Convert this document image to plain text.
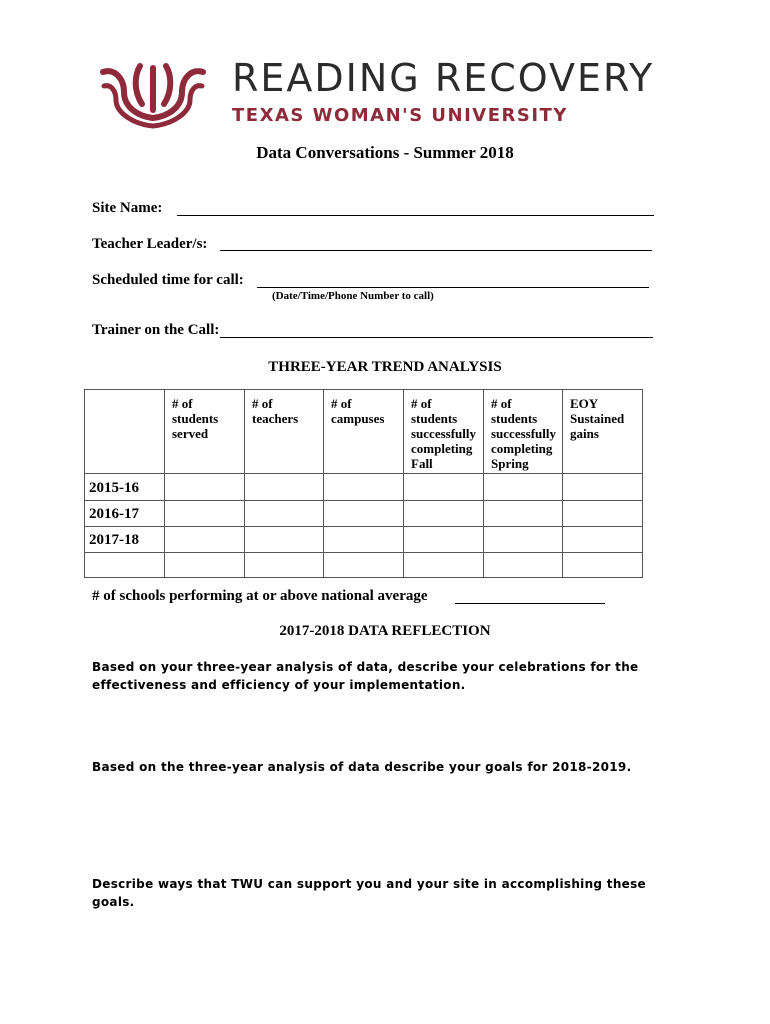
READING RECOVERY
TEXAS WOMAN'S UNIVERSITY
Data Conversations - Summer 2018
Site Name:
Teacher Leader/s:
Scheduled time for call:
(Date/Time/Phone Number to call)
Trainer on the Call:
THREE-YEAR TREND ANALYSIS

	# of
students
served	# of
teachers	# of
campuses	# of
students
successfully
completing
Fall	# of
students
successfully
completing
Spring	EOY
Sustained
gains

2015-16						
2016-17						
2017-18						

# of schools performing at or above national average
2017-2018 DATA REFLECTION
Based on your three-year analysis of data, describe your celebrations for the effectiveness and efficiency of your implementation.
Based on the three-year analysis of data describe your goals for 2018-2019.
Describe ways that TWU can support you and your site in accomplishing these goals.
